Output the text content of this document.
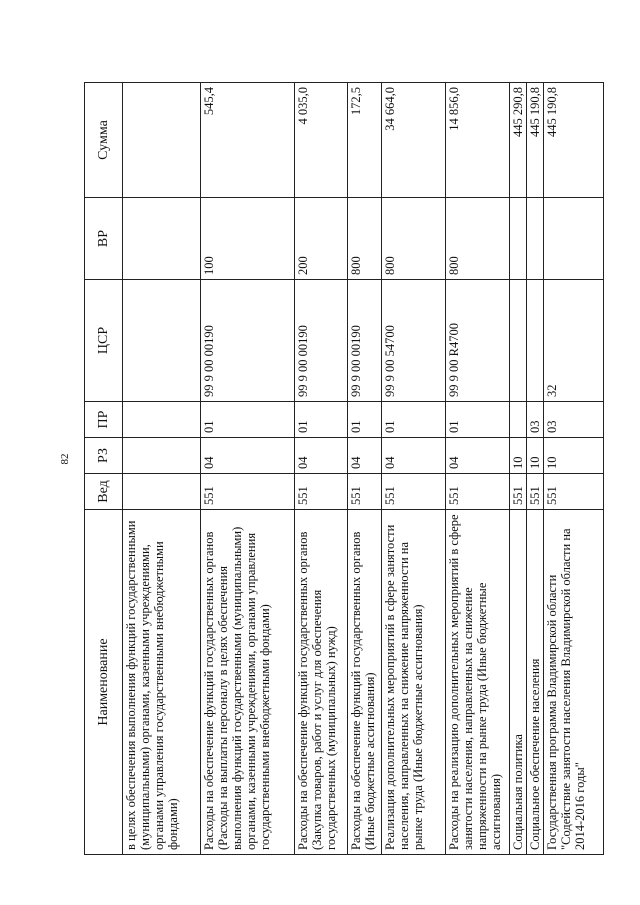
82
Наименование	Вед	РЗ	ПР	ЦСР	ВР	Сумма
в целях обеспечения выполнения функций государственными (муниципальными) органами, казенными учреждениями, органами управления государственными внебюджетными фондами)						
Расходы на обеспечение функций государственных органов (Расходы на выплаты персоналу в целях обеспечения выполнения функций государственными (муниципальными) органами, казенными учреждениями, органами управления государственными внебюджетными фондами)	551	04	01	99 9 00 00190	100	545,4
Расходы на обеспечение функций государственных органов (Закупка товаров, работ и услуг для обеспечения государственных (муниципальных) нужд)	551	04	01	99 9 00 00190	200	4 035,0
Расходы на обеспечение функций государственных органов (Иные бюджетные ассигнования)	551	04	01	99 9 00 00190	800	172,5
Реализация дополнительных мероприятий в сфере занятости населения, направленных на снижение напряженности на рынке труда (Иные бюджетные ассигнования)	551	04	01	99 9 00 54700	800	34 664,0
Расходы на реализацию дополнительных мероприятий в сфере занятости населения, направленных на снижение напряженности на рынке труда (Иные бюджетные ассигнования)	551	04	01	99 9 00 R4700	800	14 856,0
Социальная политика	551	10				445 290,8
Социальное обеспечение населения	551	10	03			445 190,8
Государственная программа Владимирской области "Содействие занятости населения Владимирской области на 2014-2016 годы"	551	10	03	32		445 190,8
